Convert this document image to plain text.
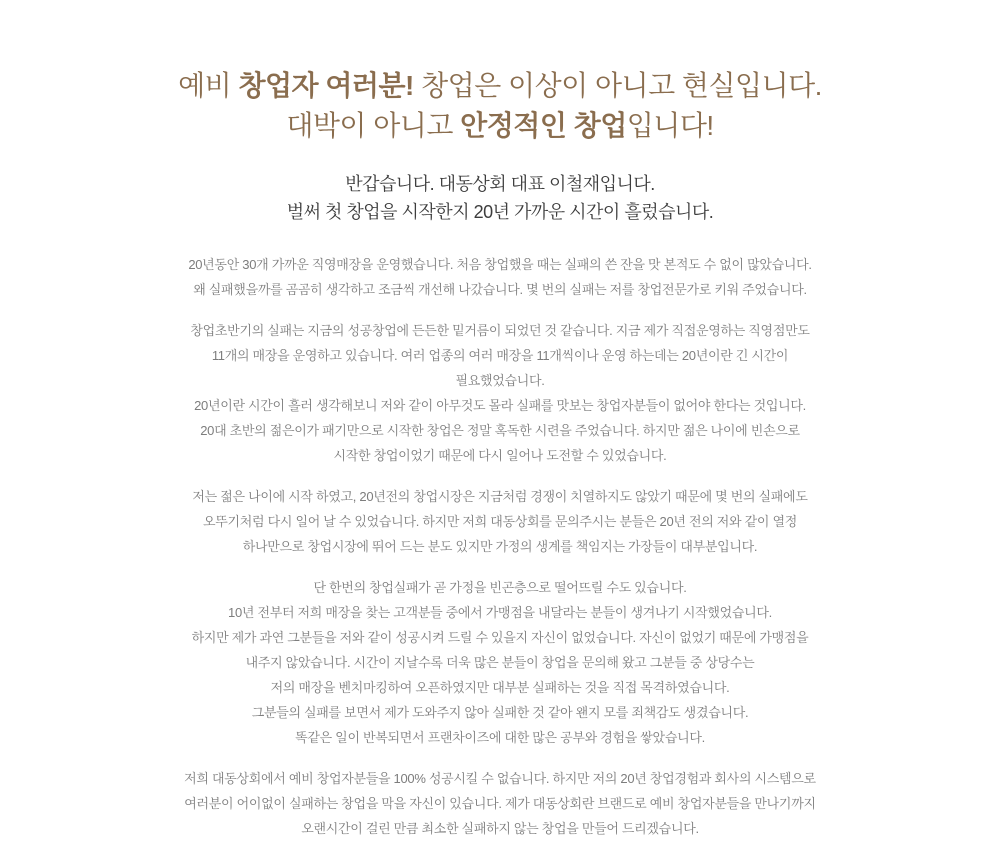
예비 창업자 여러분! 창업은 이상이 아니고 현실입니다.
대박이 아니고 안정적인 창업입니다!

반갑습니다. 대동상회 대표 이철재입니다.
벌써 첫 창업을 시작한지 20년 가까운 시간이 흘렀습니다.

20년동안 30개 가까운 직영매장을 운영했습니다. 처음 창업했을 때는 실패의 쓴 잔을 맛 본적도 수 없이 많았습니다.
왜 실패했을까를 곰곰히 생각하고 조금씩 개선해 나갔습니다. 몇 번의 실패는 저를 창업전문가로 키워 주었습니다.
창업초반기의 실패는 지금의 성공창업에 든든한 밑거름이 되었던 것 같습니다. 지금 제가 직접운영하는 직영점만도
11개의 매장을 운영하고 있습니다. 여러 업종의 여러 매장을 11개씩이나 운영 하는데는 20년이란 긴 시간이
필요했었습니다.
20년이란 시간이 흘러 생각해보니 저와 같이 아무것도 몰라 실패를 맛보는 창업자분들이 없어야 한다는 것입니다.
20대 초반의 젊은이가 패기만으로 시작한 창업은 정말 혹독한 시련을 주었습니다. 하지만 젊은 나이에 빈손으로
시작한 창업이었기 때문에 다시 일어나 도전할 수 있었습니다.
저는 젊은 나이에 시작 하였고, 20년전의 창업시장은 지금처럼 경쟁이 치열하지도 않았기 때문에 몇 번의 실패에도
오뚜기처럼 다시 일어 날 수 있었습니다. 하지만 저희 대동상회를 문의주시는 분들은 20년 전의 저와 같이 열정
하나만으로 창업시장에 뛰어 드는 분도 있지만 가정의 생계를 책임지는 가장들이 대부분입니다.
단 한번의 창업실패가 곧 가정을 빈곤층으로 떨어뜨릴 수도 있습니다.
10년 전부터 저희 매장을 찾는 고객분들 중에서 가맹점을 내달라는 분들이 생겨나기 시작했었습니다.
하지만 제가 과연 그분들을 저와 같이 성공시켜 드릴 수 있을지 자신이 없었습니다. 자신이 없었기 때문에 가맹점을
내주지 않았습니다. 시간이 지날수록 더욱 많은 분들이 창업을 문의해 왔고 그분들 중 상당수는
저의 매장을 벤치마킹하여 오픈하였지만 대부분 실패하는 것을 직접 목격하였습니다.
그분들의 실패를 보면서 제가 도와주지 않아 실패한 것 같아 왠지 모를 죄책감도 생겼습니다.
똑같은 일이 반복되면서 프랜차이즈에 대한 많은 공부와 경험을 쌓았습니다.
저희 대동상회에서 예비 창업자분들을 100% 성공시킬 수 없습니다. 하지만 저의 20년 창업경험과 회사의 시스템으로
여러분이 어이없이 실패하는 창업을 막을 자신이 있습니다. 제가 대동상회란 브랜드로 예비 창업자분들을 만나기까지
오랜시간이 걸린 만큼 최소한 실패하지 않는 창업을 만들어 드리겠습니다.
